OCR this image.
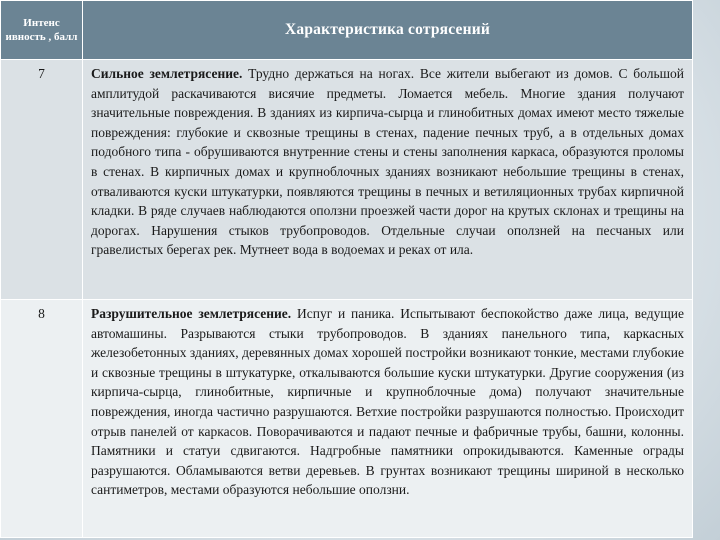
Интенс ивность , балл	Характеристика сотрясений
7	Сильное землетрясение. Трудно держаться на ногах. Все жители выбегают из домов. С большой амплитудой раскачиваются висячие предметы. Ломается мебель. Многие здания получают значительные повреждения. В зданиях из кирпича-сырца и глинобитных домах имеют место тяжелые повреждения: глубокие и сквозные трещины в стенах, падение печных труб, а в отдельных домах подобного типа - обрушиваются внутренние стены и стены заполнения каркаса, образуются проломы в стенах. В кирпичных домах и крупноблочных зданиях возникают небольшие трещины в стенах, отваливаются куски штукатурки, появляются трещины в печных и ветиляционных трубах кирпичной кладки. В ряде случаев наблюдаются оползни проезжей части дорог на крутых склонах и трещины на дорогах. Нарушения стыков трубопроводов. Отдельные случаи оползней на песчаных или гравелистых берегах рек. Мутнеет вода в водоемах и реках от ила.
8	Разрушительное землетрясение. Испуг и паника. Испытывают беспокойство даже лица, ведущие автомашины. Разрываются стыки трубопроводов. В зданиях панельного типа, каркасных железобетонных зданиях, деревянных домах хорошей постройки возникают тонкие, местами глубокие и сквозные трещины в штукатурке, откалываются большие куски штукатурки. Другие сооружения (из кирпича-сырца, глинобитные, кирпичные и крупноблочные дома) получают значительные повреждения, иногда частично разрушаются. Ветхие постройки разрушаются полностью. Происходит отрыв панелей от каркасов. Поворачиваются и падают печные и фабричные трубы, башни, колонны. Памятники и статуи сдвигаются. Надгробные памятники опрокидываются. Каменные ограды разрушаются. Обламываются ветви деревьев. В грунтах возникают трещины шириной в несколько сантиметров, местами образуются небольшие оползни.
